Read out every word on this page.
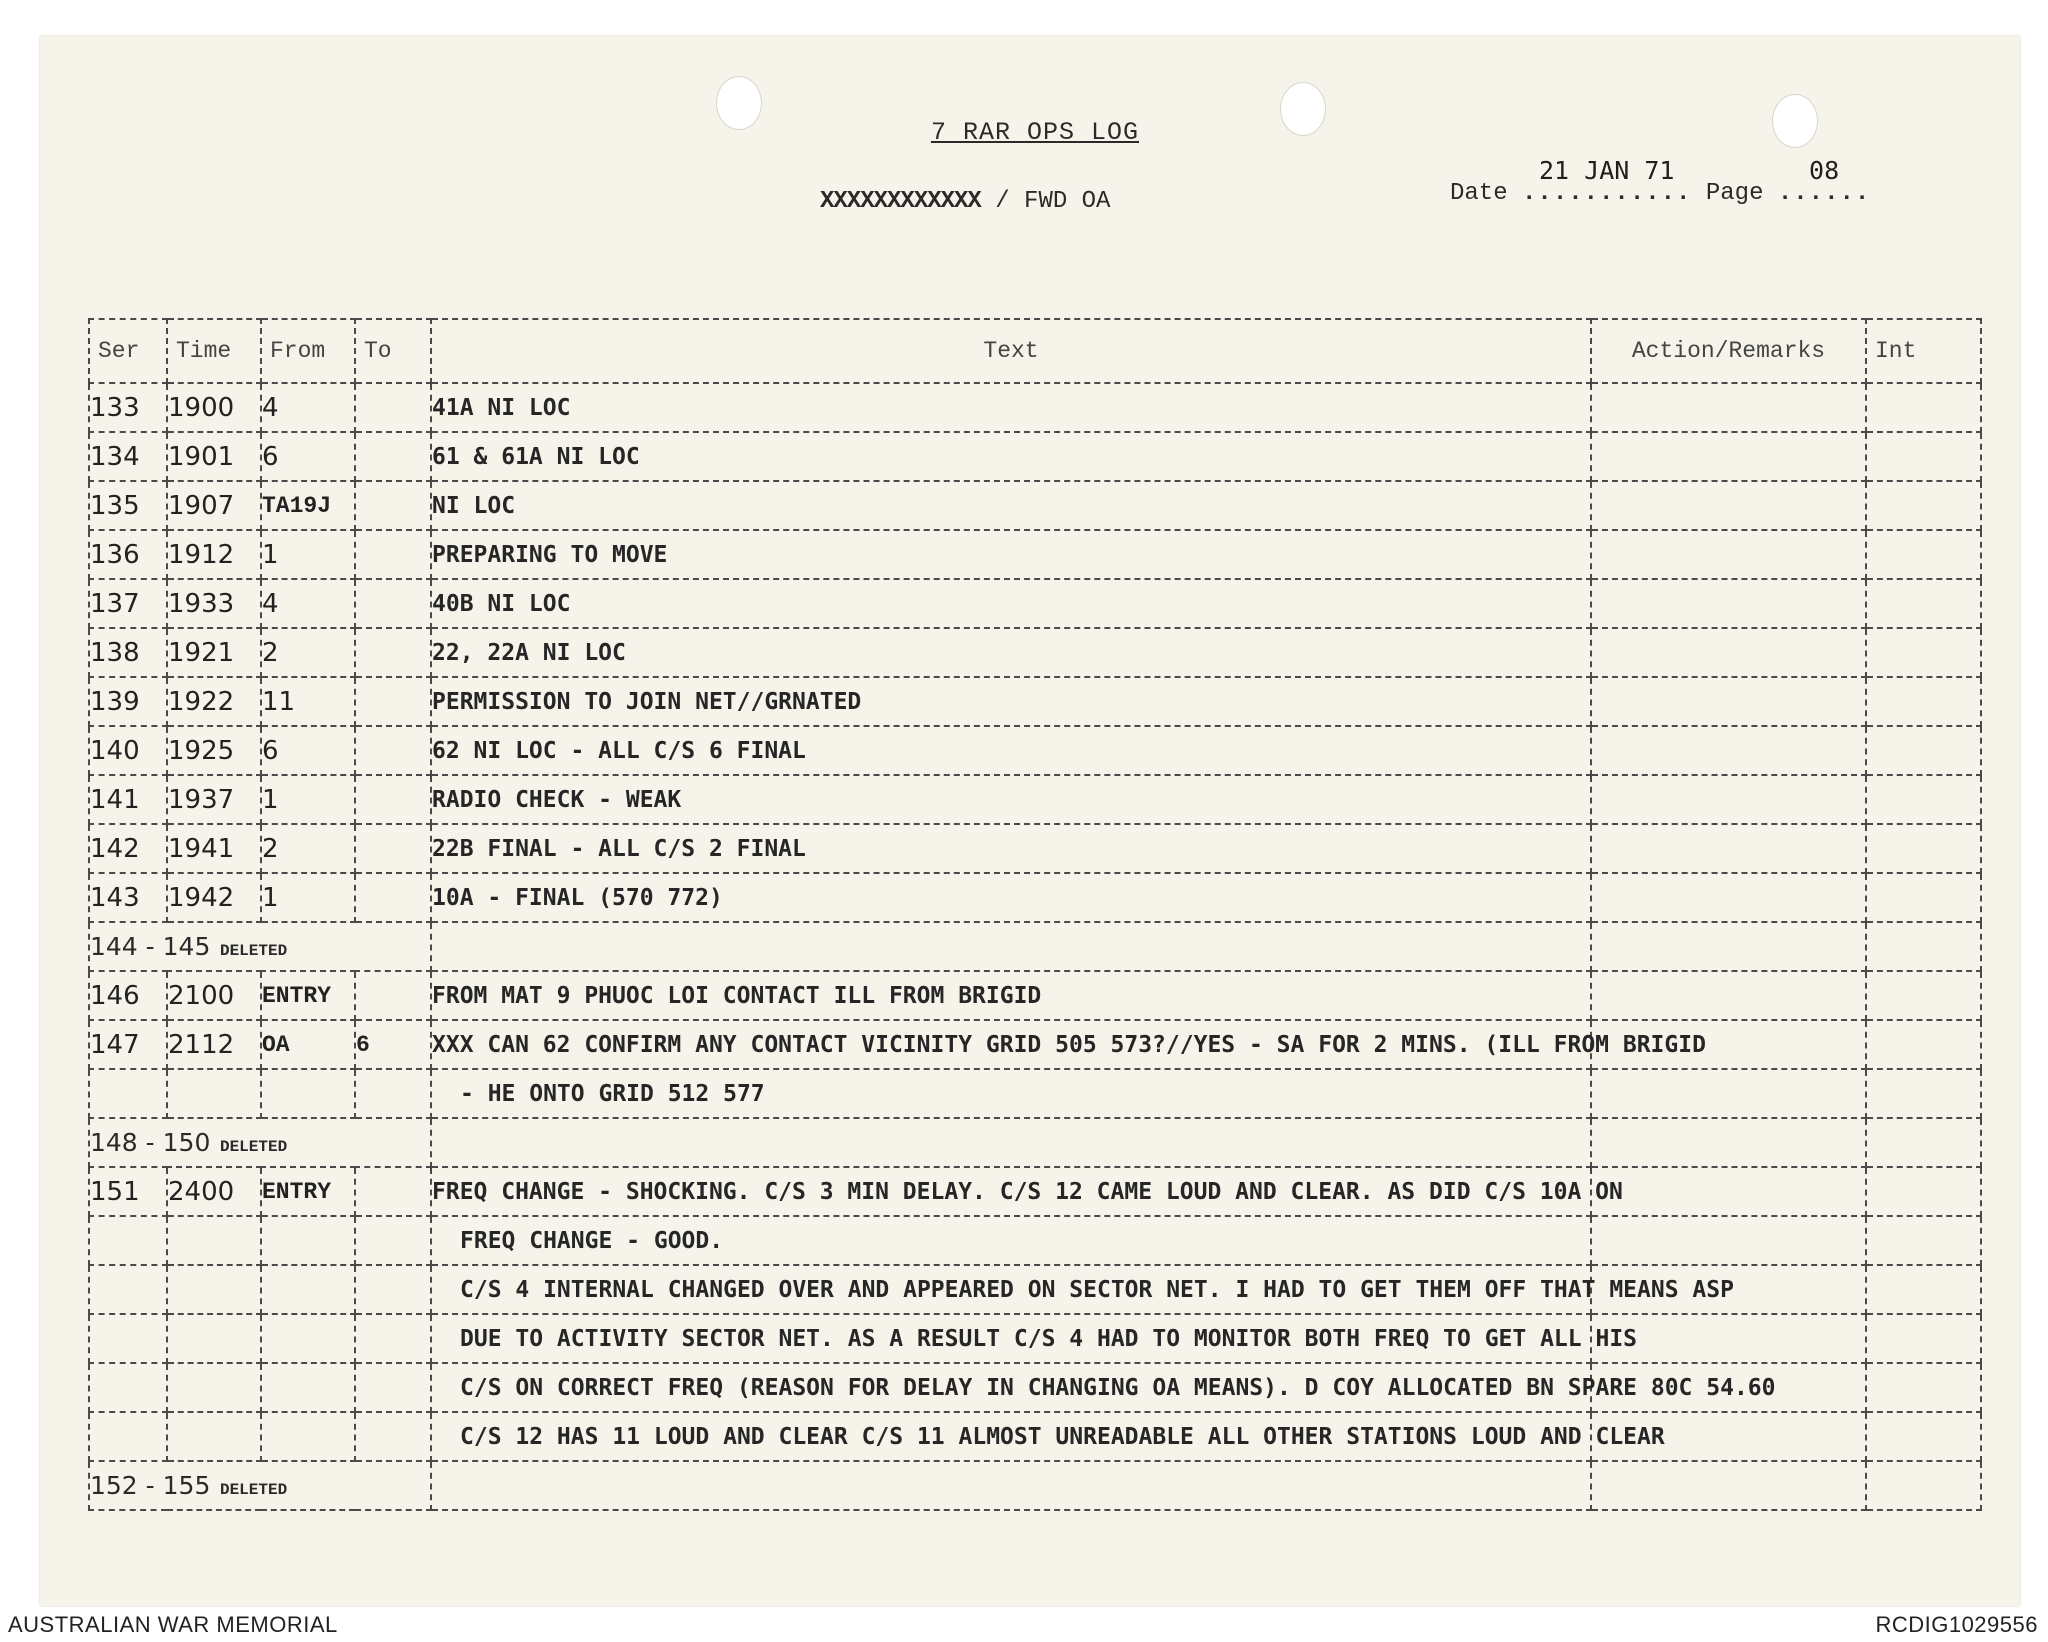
7 RAR OPS LOG
XXXXXXXXXXXX / FWD OA	Date ...........
21 JAN 71
Page ......
08
Ser	Time	From	To	Text	Action/Remarks	Int
133	1900	4		41A NI LOC		
134	1901	6		61 & 61A NI LOC		
135	1907	TA19J		NI LOC		
136	1912	1		PREPARING TO MOVE		
137	1933	4		40B NI LOC		
138	1921	2		22, 22A NI LOC		
139	1922	11		PERMISSION TO JOIN NET//GRNATED		
140	1925	6		62 NI LOC - ALL C/S 6 FINAL		
141	1937	1		RADIO CHECK - WEAK		
142	1941	2		22B FINAL - ALL C/S 2 FINAL		
143	1942	1		10A - FINAL (570 772)		
144 - 145 DELETED						
146	2100	ENTRY		FROM MAT 9 PHUOC LOI CONTACT ILL FROM BRIGID		
147	2112	OA	6	XXX CAN 62 CONFIRM ANY CONTACT VICINITY GRID 505 573?//YES - SA FOR 2 MINS. (ILL FROM BRIGID		
				- HE ONTO GRID 512 577		
148 - 150 DELETED						
151	2400	ENTRY		FREQ CHANGE - SHOCKING. C/S 3 MIN DELAY. C/S 12 CAME LOUD AND CLEAR. AS DID C/S 10A ON		
				FREQ CHANGE - GOOD.		
				C/S 4 INTERNAL CHANGED OVER AND APPEARED ON SECTOR NET. I HAD TO GET THEM OFF THAT MEANS ASP		
				DUE TO ACTIVITY SECTOR NET. AS A RESULT C/S 4 HAD TO MONITOR BOTH FREQ TO GET ALL HIS		
				C/S ON CORRECT FREQ (REASON FOR DELAY IN CHANGING OA MEANS). D COY ALLOCATED BN SPARE 80C 54.60		
				C/S 12 HAS 11 LOUD AND CLEAR C/S 11 ALMOST UNREADABLE ALL OTHER STATIONS LOUD AND CLEAR		
152 - 155 DELETED						
AUSTRALIAN WAR MEMORIAL	RCDIG1029556
